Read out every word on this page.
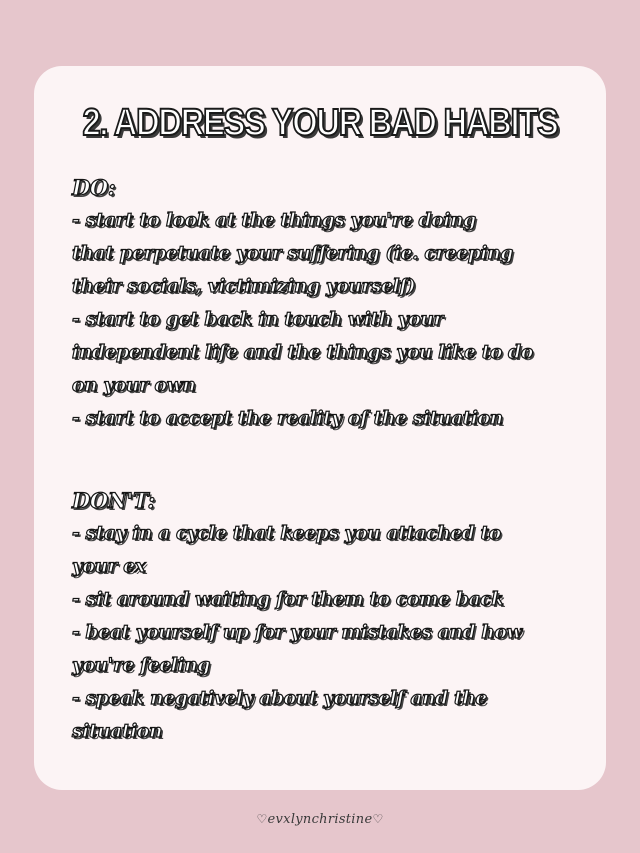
2. ADDRESS YOUR BAD HABITS
DO:
- start to look at the things you're doing
that perpetuate your suffering (ie. creeping
their socials, victimizing yourself)
- start to get back in touch with your
independent life and the things you like to do
on your own
- start to accept the reality of the situation
DON'T:
- stay in a cycle that keeps you attached to
your ex
- sit around waiting for them to come back
- beat yourself up for your mistakes and how
you're feeling
- speak negatively about yourself and the
situation
♡evxlynchristine♡
